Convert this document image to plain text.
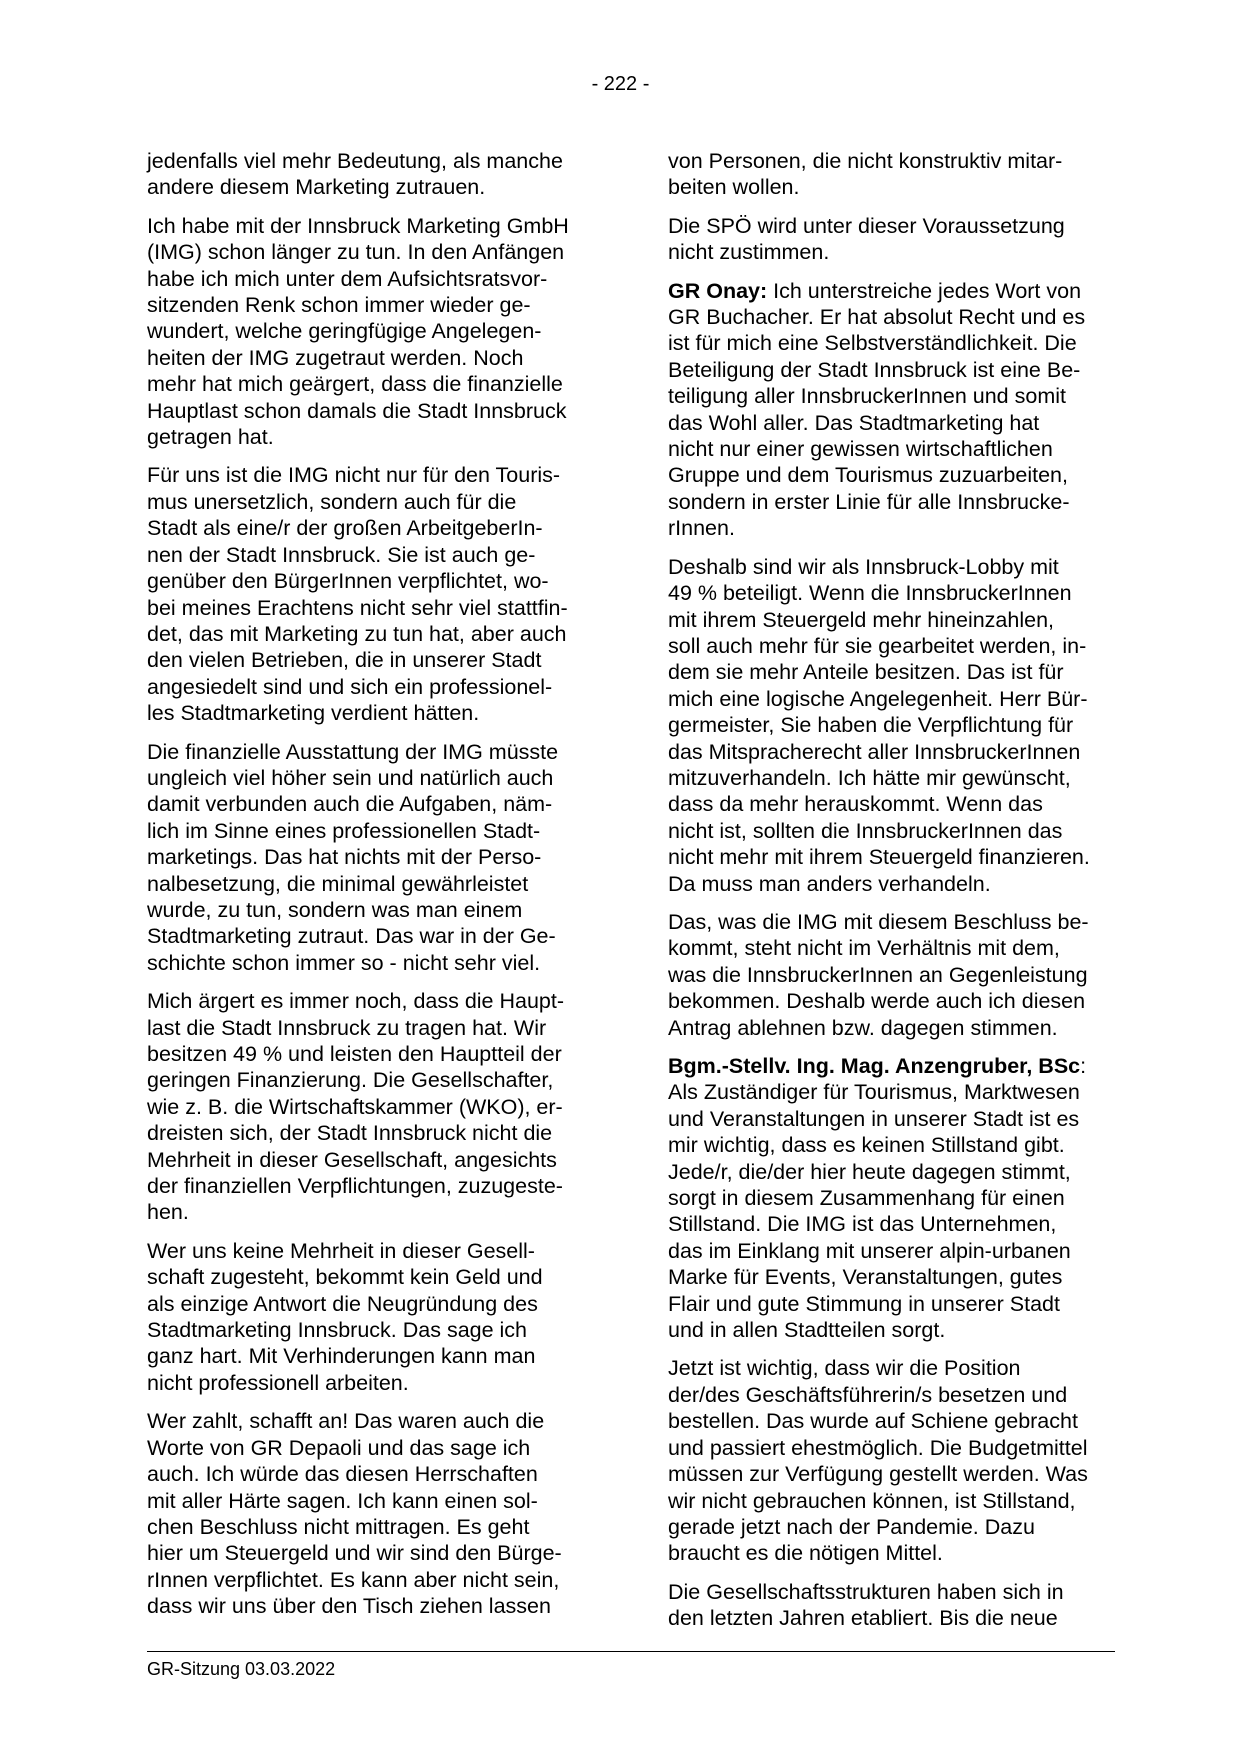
- 222 -

jedenfalls viel mehr Bedeutung, als manche
andere diesem Marketing zutrauen.

Ich habe mit der Innsbruck Marketing GmbH
(IMG) schon länger zu tun. In den Anfängen
habe ich mich unter dem Aufsichtsratsvor-
sitzenden Renk schon immer wieder ge-
wundert, welche geringfügige Angelegen-
heiten der IMG zugetraut werden. Noch
mehr hat mich geärgert, dass die finanzielle
Hauptlast schon damals die Stadt Innsbruck
getragen hat.

Für uns ist die IMG nicht nur für den Touris-
mus unersetzlich, sondern auch für die
Stadt als eine/r der großen ArbeitgeberIn-
nen der Stadt Innsbruck. Sie ist auch ge-
genüber den BürgerInnen verpflichtet, wo-
bei meines Erachtens nicht sehr viel stattfin-
det, das mit Marketing zu tun hat, aber auch
den vielen Betrieben, die in unserer Stadt
angesiedelt sind und sich ein professionel-
les Stadtmarketing verdient hätten.

Die finanzielle Ausstattung der IMG müsste
ungleich viel höher sein und natürlich auch
damit verbunden auch die Aufgaben, näm-
lich im Sinne eines professionellen Stadt-
marketings. Das hat nichts mit der Perso-
nalbesetzung, die minimal gewährleistet
wurde, zu tun, sondern was man einem
Stadtmarketing zutraut. Das war in der Ge-
schichte schon immer so - nicht sehr viel.

Mich ärgert es immer noch, dass die Haupt-
last die Stadt Innsbruck zu tragen hat. Wir
besitzen 49 % und leisten den Hauptteil der
geringen Finanzierung. Die Gesellschafter,
wie z. B. die Wirtschaftskammer (WKO), er-
dreisten sich, der Stadt Innsbruck nicht die
Mehrheit in dieser Gesellschaft, angesichts
der finanziellen Verpflichtungen, zuzugeste-
hen.

Wer uns keine Mehrheit in dieser Gesell-
schaft zugesteht, bekommt kein Geld und
als einzige Antwort die Neugründung des
Stadtmarketing Innsbruck. Das sage ich
ganz hart. Mit Verhinderungen kann man
nicht professionell arbeiten.

Wer zahlt, schafft an! Das waren auch die
Worte von GR Depaoli und das sage ich
auch. Ich würde das diesen Herrschaften
mit aller Härte sagen. Ich kann einen sol-
chen Beschluss nicht mittragen. Es geht
hier um Steuergeld und wir sind den Bürge-
rInnen verpflichtet. Es kann aber nicht sein,
dass wir uns über den Tisch ziehen lassen

von Personen, die nicht konstruktiv mitar-
beiten wollen.

Die SPÖ wird unter dieser Voraussetzung
nicht zustimmen.

GR Onay: Ich unterstreiche jedes Wort von
GR Buchacher. Er hat absolut Recht und es
ist für mich eine Selbstverständlichkeit. Die
Beteiligung der Stadt Innsbruck ist eine Be-
teiligung aller InnsbruckerInnen und somit
das Wohl aller. Das Stadtmarketing hat
nicht nur einer gewissen wirtschaftlichen
Gruppe und dem Tourismus zuzuarbeiten,
sondern in erster Linie für alle Innsbrucke-
rInnen.

Deshalb sind wir als Innsbruck-Lobby mit
49 % beteiligt. Wenn die InnsbruckerInnen
mit ihrem Steuergeld mehr hineinzahlen,
soll auch mehr für sie gearbeitet werden, in-
dem sie mehr Anteile besitzen. Das ist für
mich eine logische Angelegenheit. Herr Bür-
germeister, Sie haben die Verpflichtung für
das Mitspracherecht aller InnsbruckerInnen
mitzuverhandeln. Ich hätte mir gewünscht,
dass da mehr herauskommt. Wenn das
nicht ist, sollten die InnsbruckerInnen das
nicht mehr mit ihrem Steuergeld finanzieren.
Da muss man anders verhandeln.

Das, was die IMG mit diesem Beschluss be-
kommt, steht nicht im Verhältnis mit dem,
was die InnsbruckerInnen an Gegenleistung
bekommen. Deshalb werde auch ich diesen
Antrag ablehnen bzw. dagegen stimmen.

Bgm.-Stellv. Ing. Mag. Anzengruber, BSc:
Als Zuständiger für Tourismus, Marktwesen
und Veranstaltungen in unserer Stadt ist es
mir wichtig, dass es keinen Stillstand gibt.
Jede/r, die/der hier heute dagegen stimmt,
sorgt in diesem Zusammenhang für einen
Stillstand. Die IMG ist das Unternehmen,
das im Einklang mit unserer alpin-urbanen
Marke für Events, Veranstaltungen, gutes
Flair und gute Stimmung in unserer Stadt
und in allen Stadtteilen sorgt.

Jetzt ist wichtig, dass wir die Position
der/des Geschäftsführerin/s besetzen und
bestellen. Das wurde auf Schiene gebracht
und passiert ehestmöglich. Die Budgetmittel
müssen zur Verfügung gestellt werden. Was
wir nicht gebrauchen können, ist Stillstand,
gerade jetzt nach der Pandemie. Dazu
braucht es die nötigen Mittel.

Die Gesellschaftsstrukturen haben sich in
den letzten Jahren etabliert. Bis die neue

GR-Sitzung 03.03.2022
